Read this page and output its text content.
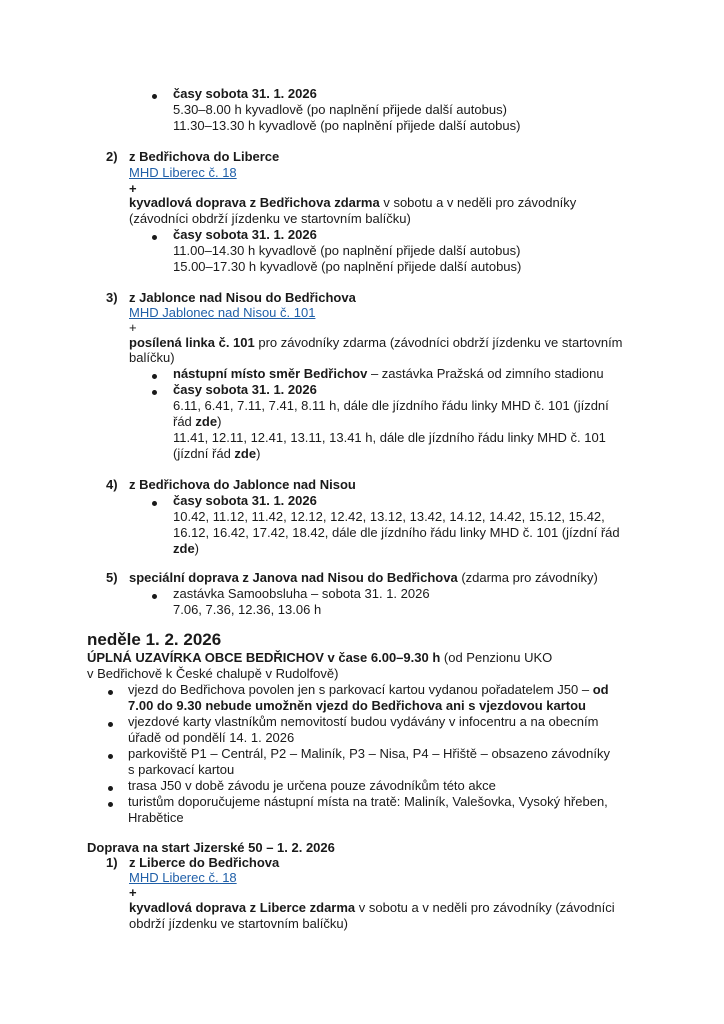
časy sobota 31. 1. 2026
5.30–8.00 h kyvadlově (po naplnění přijede další autobus)
11.30–13.30 h kyvadlově (po naplnění přijede další autobus)
2) z Bedřichova do Liberce
MHD Liberec č. 18
+
kyvadlová doprava z Bedřichova zdarma v sobotu a v neděli pro závodníky
(závodníci obdrží jízdenku ve startovním balíčku)
časy sobota 31. 1. 2026
11.00–14.30 h kyvadlově (po naplnění přijede další autobus)
15.00–17.30 h kyvadlově (po naplnění přijede další autobus)
3) z Jablonce nad Nisou do Bedřichova
MHD Jablonec nad Nisou č. 101
+
posílená linka č. 101 pro závodníky zdarma (závodníci obdrží jízdenku ve startovním
balíčku)
nástupní místo směr Bedřichov – zastávka Pražská od zimního stadionu
časy sobota 31. 1. 2026
6.11, 6.41, 7.11, 7.41, 8.11 h, dále dle jízdního řádu linky MHD č. 101 (jízdní
řád zde)
11.41, 12.11, 12.41, 13.11, 13.41 h, dále dle jízdního řádu linky MHD č. 101
(jízdní řád zde)
4) z Bedřichova do Jablonce nad Nisou
časy sobota 31. 1. 2026
10.42, 11.12, 11.42, 12.12, 12.42, 13.12, 13.42, 14.12, 14.42, 15.12, 15.42,
16.12, 16.42, 17.42, 18.42, dále dle jízdního řádu linky MHD č. 101 (jízdní řád
zde)
5) speciální doprava z Janova nad Nisou do Bedřichova (zdarma pro závodníky)
zastávka Samoobsluha – sobota 31. 1. 2026
7.06, 7.36, 12.36, 13.06 h
neděle 1. 2. 2026
ÚPLNÁ UZAVÍRKA OBCE BEDŘICHOV v čase 6.00–9.30 h (od Penzionu UKO
v Bedřichově k České chalupě v Rudolfově)
vjezd do Bedřichova povolen jen s parkovací kartou vydanou pořadatelem J50 – od
7.00 do 9.30 nebude umožněn vjezd do Bedřichova ani s vjezdovou kartou
vjezdové karty vlastníkům nemovitostí budou vydávány v infocentru a na obecním
úřadě od pondělí 14. 1. 2026
parkoviště P1 – Centrál, P2 – Maliník, P3 – Nisa, P4 – Hřiště – obsazeno závodníky
s parkovací kartou
trasa J50 v době závodu je určena pouze závodníkům této akce
turistům doporučujeme nástupní místa na tratě: Maliník, Valešovka, Vysoký hřeben,
Hrabětice
Doprava na start Jizerské 50 – 1. 2. 2026
1) z Liberce do Bedřichova
MHD Liberec č. 18
+
kyvadlová doprava z Liberce zdarma v sobotu a v neděli pro závodníky (závodníci
obdrží jízdenku ve startovním balíčku)
